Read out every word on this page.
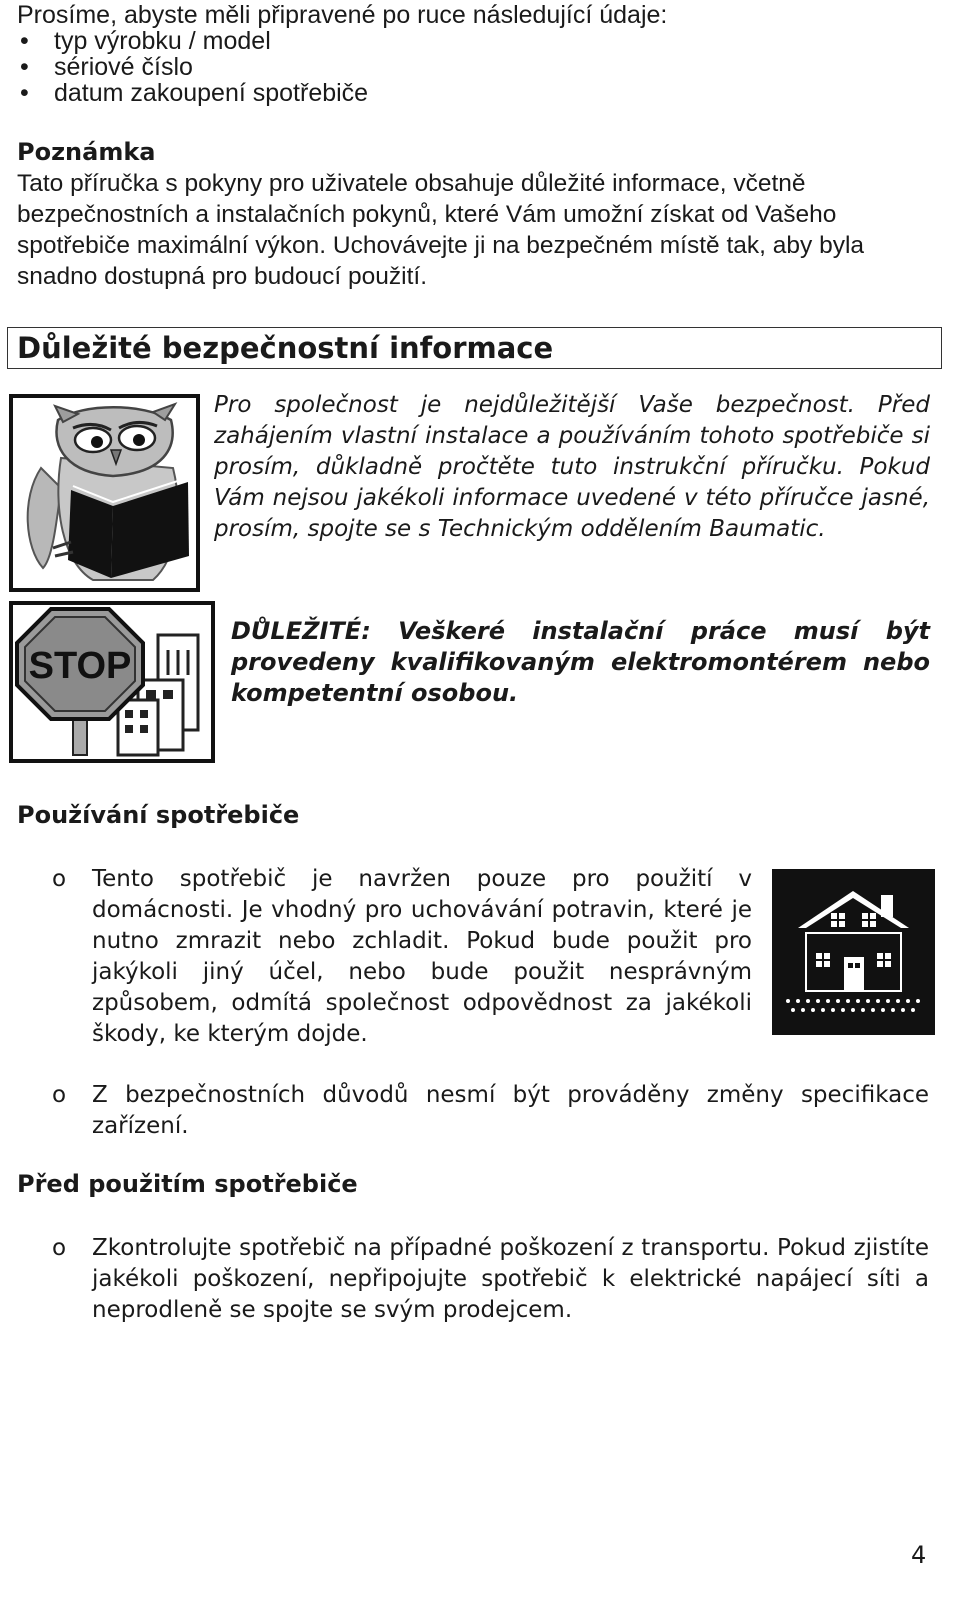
Prosíme, abyste měli připravené po ruce následující údaje:
• typ výrobku / model
• sériové číslo
• datum zakoupení spotřebiče
Poznámka
Tato příručka s pokyny pro uživatele obsahuje důležité informace, včetně bezpečnostních a instalačních pokynů, které Vám umožní získat od Vašeho spotřebiče maximální výkon. Uchovávejte ji na bezpečném místě tak, aby byla snadno dostupná pro budoucí použití.
Důležité bezpečnostní informace
Pro společnost je nejdůležitější Vaše bezpečnost. Před zahájením vlastní instalace a používáním tohoto spotřebiče si prosím, důkladně pročtěte tuto instrukční příručku. Pokud Vám nejsou jakékoli informace uvedené v této příručce jasné, prosím, spojte se s Technickým oddělením Baumatic.
STOP
DŮLEŽITÉ: Veškeré instalační práce musí být provedeny kvalifikovaným elektromontérem nebo kompetentní osobou.
Používání spotřebiče
o Tento spotřebič je navržen pouze pro použití v domácnosti. Je vhodný pro uchovávání potravin, které je nutno zmrazit nebo zchladit. Pokud bude použit pro jakýkoli jiný účel, nebo bude použit nesprávným způsobem, odmítá společnost odpovědnost za jakékoli škody, ke kterým dojde.
o Z bezpečnostních důvodů nesmí být prováděny změny specifikace zařízení.
Před použitím spotřebiče
o Zkontrolujte spotřebič na případné poškození z transportu. Pokud zjistíte jakékoli poškození, nepřipojujte spotřebič k elektrické napájecí síti a neprodleně se spojte se svým prodejcem.
4
